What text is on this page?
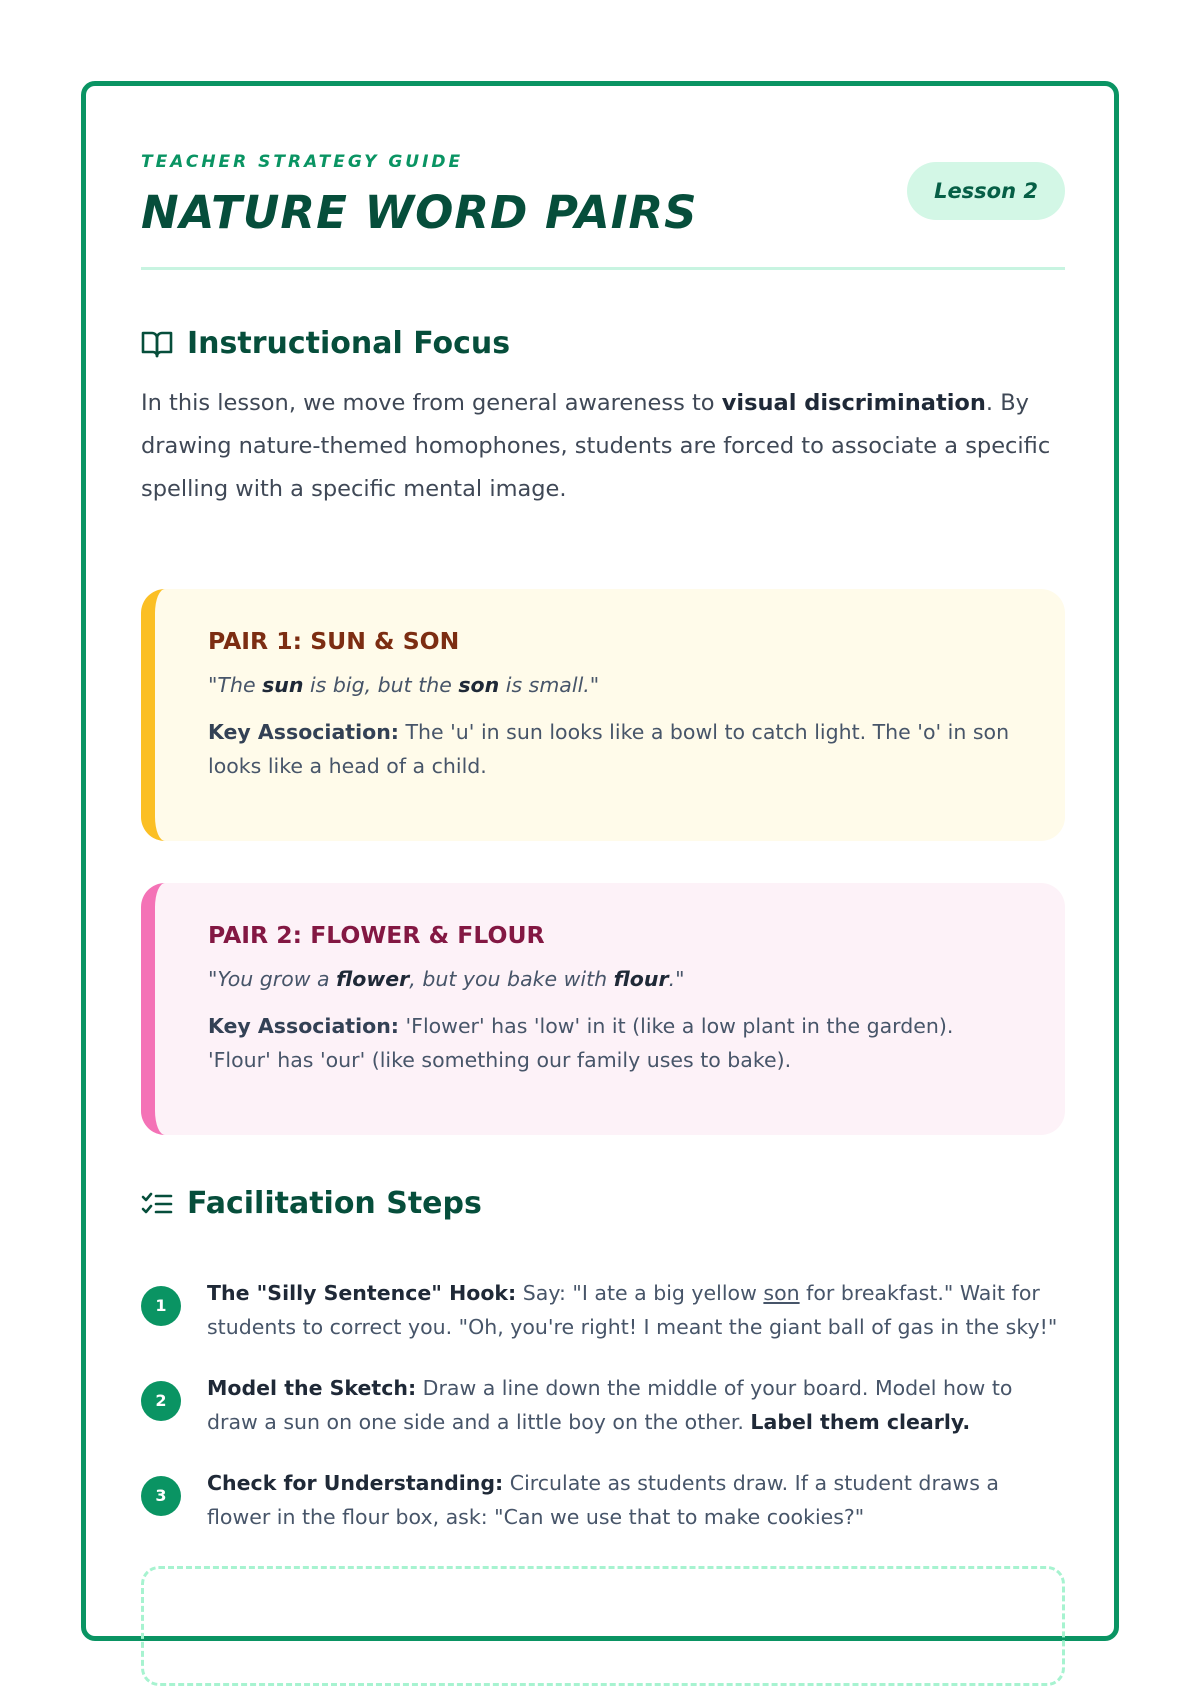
TEACHER STRATEGY GUIDE
NATURE WORD PAIRS	Lesson 2
Instructional Focus

In this lesson, we move from general awareness to visual discrimination. By drawing nature-themed homophones, students are forced to associate a specific spelling with a specific mental image.

PAIR 1: SUN & SON

"The sun is big, but the son is small."

Key Association: The 'u' in sun looks like a bowl to catch light. The 'o' in son looks like a head of a child.

PAIR 2: FLOWER & FLOUR

"You grow a flower, but you bake with flour."

Key Association: 'Flower' has 'low' in it (like a low plant in the garden). 'Flour' has 'our' (like something our family uses to bake).

Facilitation Steps
1
The "Silly Sentence" Hook: Say: "I ate a big yellow son for breakfast." Wait for students to correct you. "Oh, you're right! I meant the giant ball of gas in the sky!"
2
Model the Sketch: Draw a line down the middle of your board. Model how to draw a sun on one side and a little boy on the other. Label them clearly.
3
Check for Understanding: Circulate as students draw. If a student draws a flower in the flour box, ask: "Can we use that to make cookies?"
